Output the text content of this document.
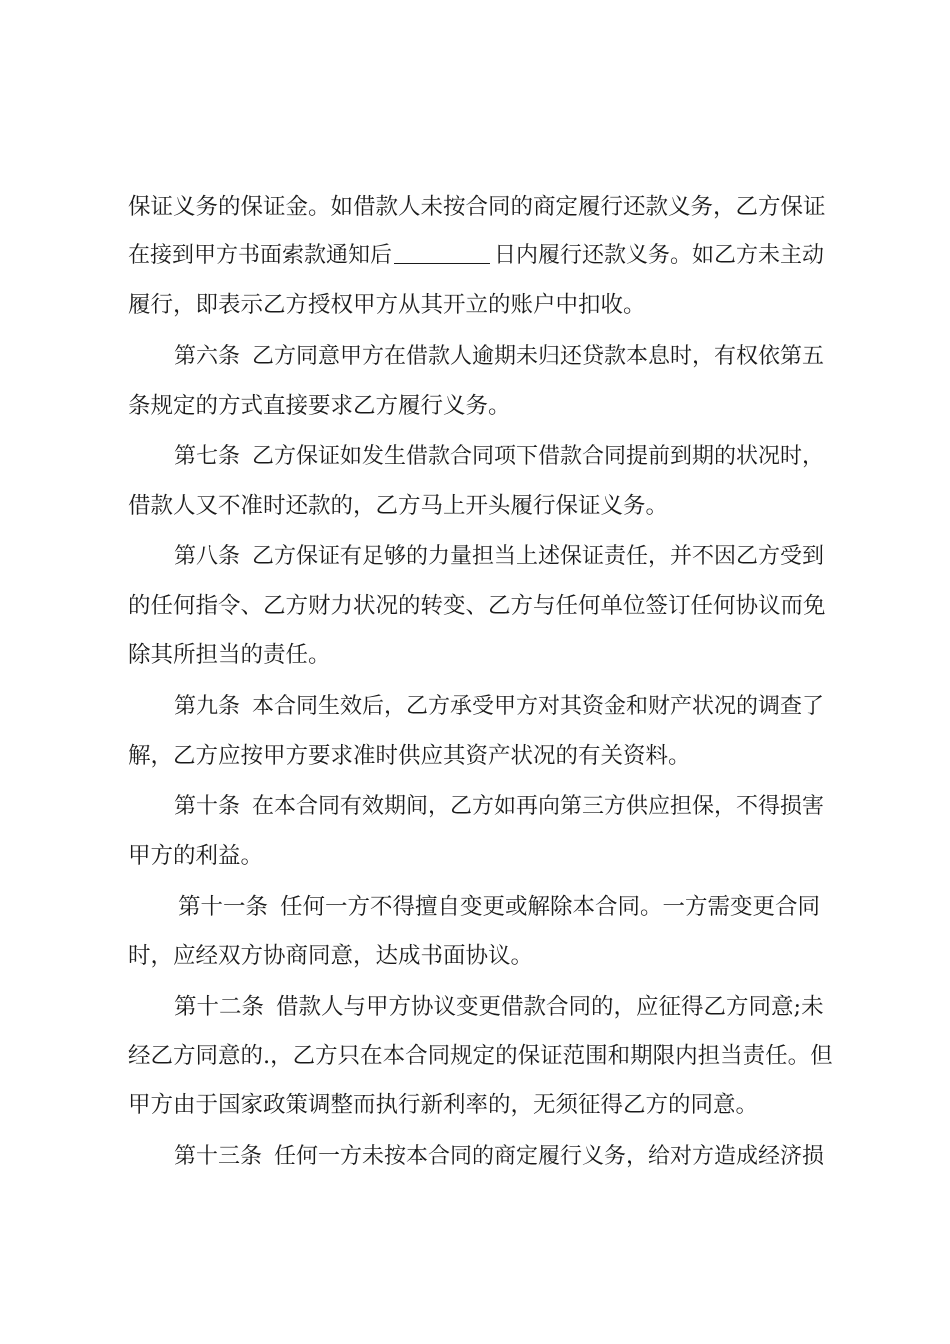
保证义务的保证金。如借款人未按合同的商定履行还款义务，乙方保证
在接到甲方书面索款通知后	日内履行还款义务。如乙方未主动
履行，即表示乙方授权甲方从其开立的账户中扣收。
第六条 乙方同意甲方在借款人逾期未归还贷款本息时，有权依第五
条规定的方式直接要求乙方履行义务。
第七条 乙方保证如发生借款合同项下借款合同提前到期的状况时，
借款人又不准时还款的，乙方马上开头履行保证义务。
第八条 乙方保证有足够的力量担当上述保证责任，并不因乙方受到
的任何指令、乙方财力状况的转变、乙方与任何单位签订任何协议而免
除其所担当的责任。
第九条 本合同生效后，乙方承受甲方对其资金和财产状况的调查了
解，乙方应按甲方要求准时供应其资产状况的有关资料。
第十条 在本合同有效期间，乙方如再向第三方供应担保，不得损害
甲方的利益。
第十一条 任何一方不得擅自变更或解除本合同。一方需变更合同
时，应经双方协商同意，达成书面协议。
第十二条 借款人与甲方协议变更借款合同的，应征得乙方同意;未
经乙方同意的.，乙方只在本合同规定的保证范围和期限内担当责任。但
甲方由于国家政策调整而执行新利率的，无须征得乙方的同意。
第十三条 任何一方未按本合同的商定履行义务，给对方造成经济损
